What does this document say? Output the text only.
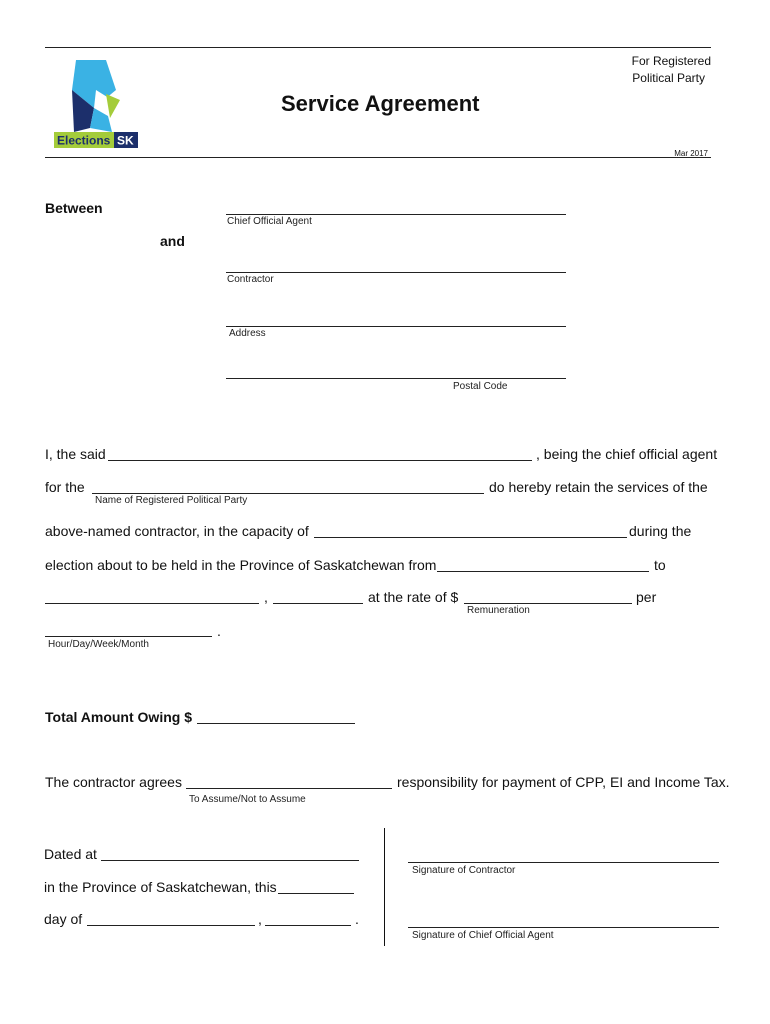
Elections SK
For Registered
Political Party
Service Agreement
Mar 2017
Between
and
Chief Official Agent
Contractor
Address
Postal Code
I, the said	, being the chief official agent
for the	do hereby retain the services of the
Name of Registered Political Party
above-named contractor, in the capacity of	during the
election about to be held in the Province of Saskatchewan from	to
,	at the rate of $	per
Remuneration
.
Hour/Day/Week/Month
Total Amount Owing $
The contractor agrees	responsibility for payment of CPP, EI and Income Tax.
To Assume/Not to Assume
Dated at
in the Province of Saskatchewan, this
day of	,	.
Signature of Contractor
Signature of Chief Official Agent
